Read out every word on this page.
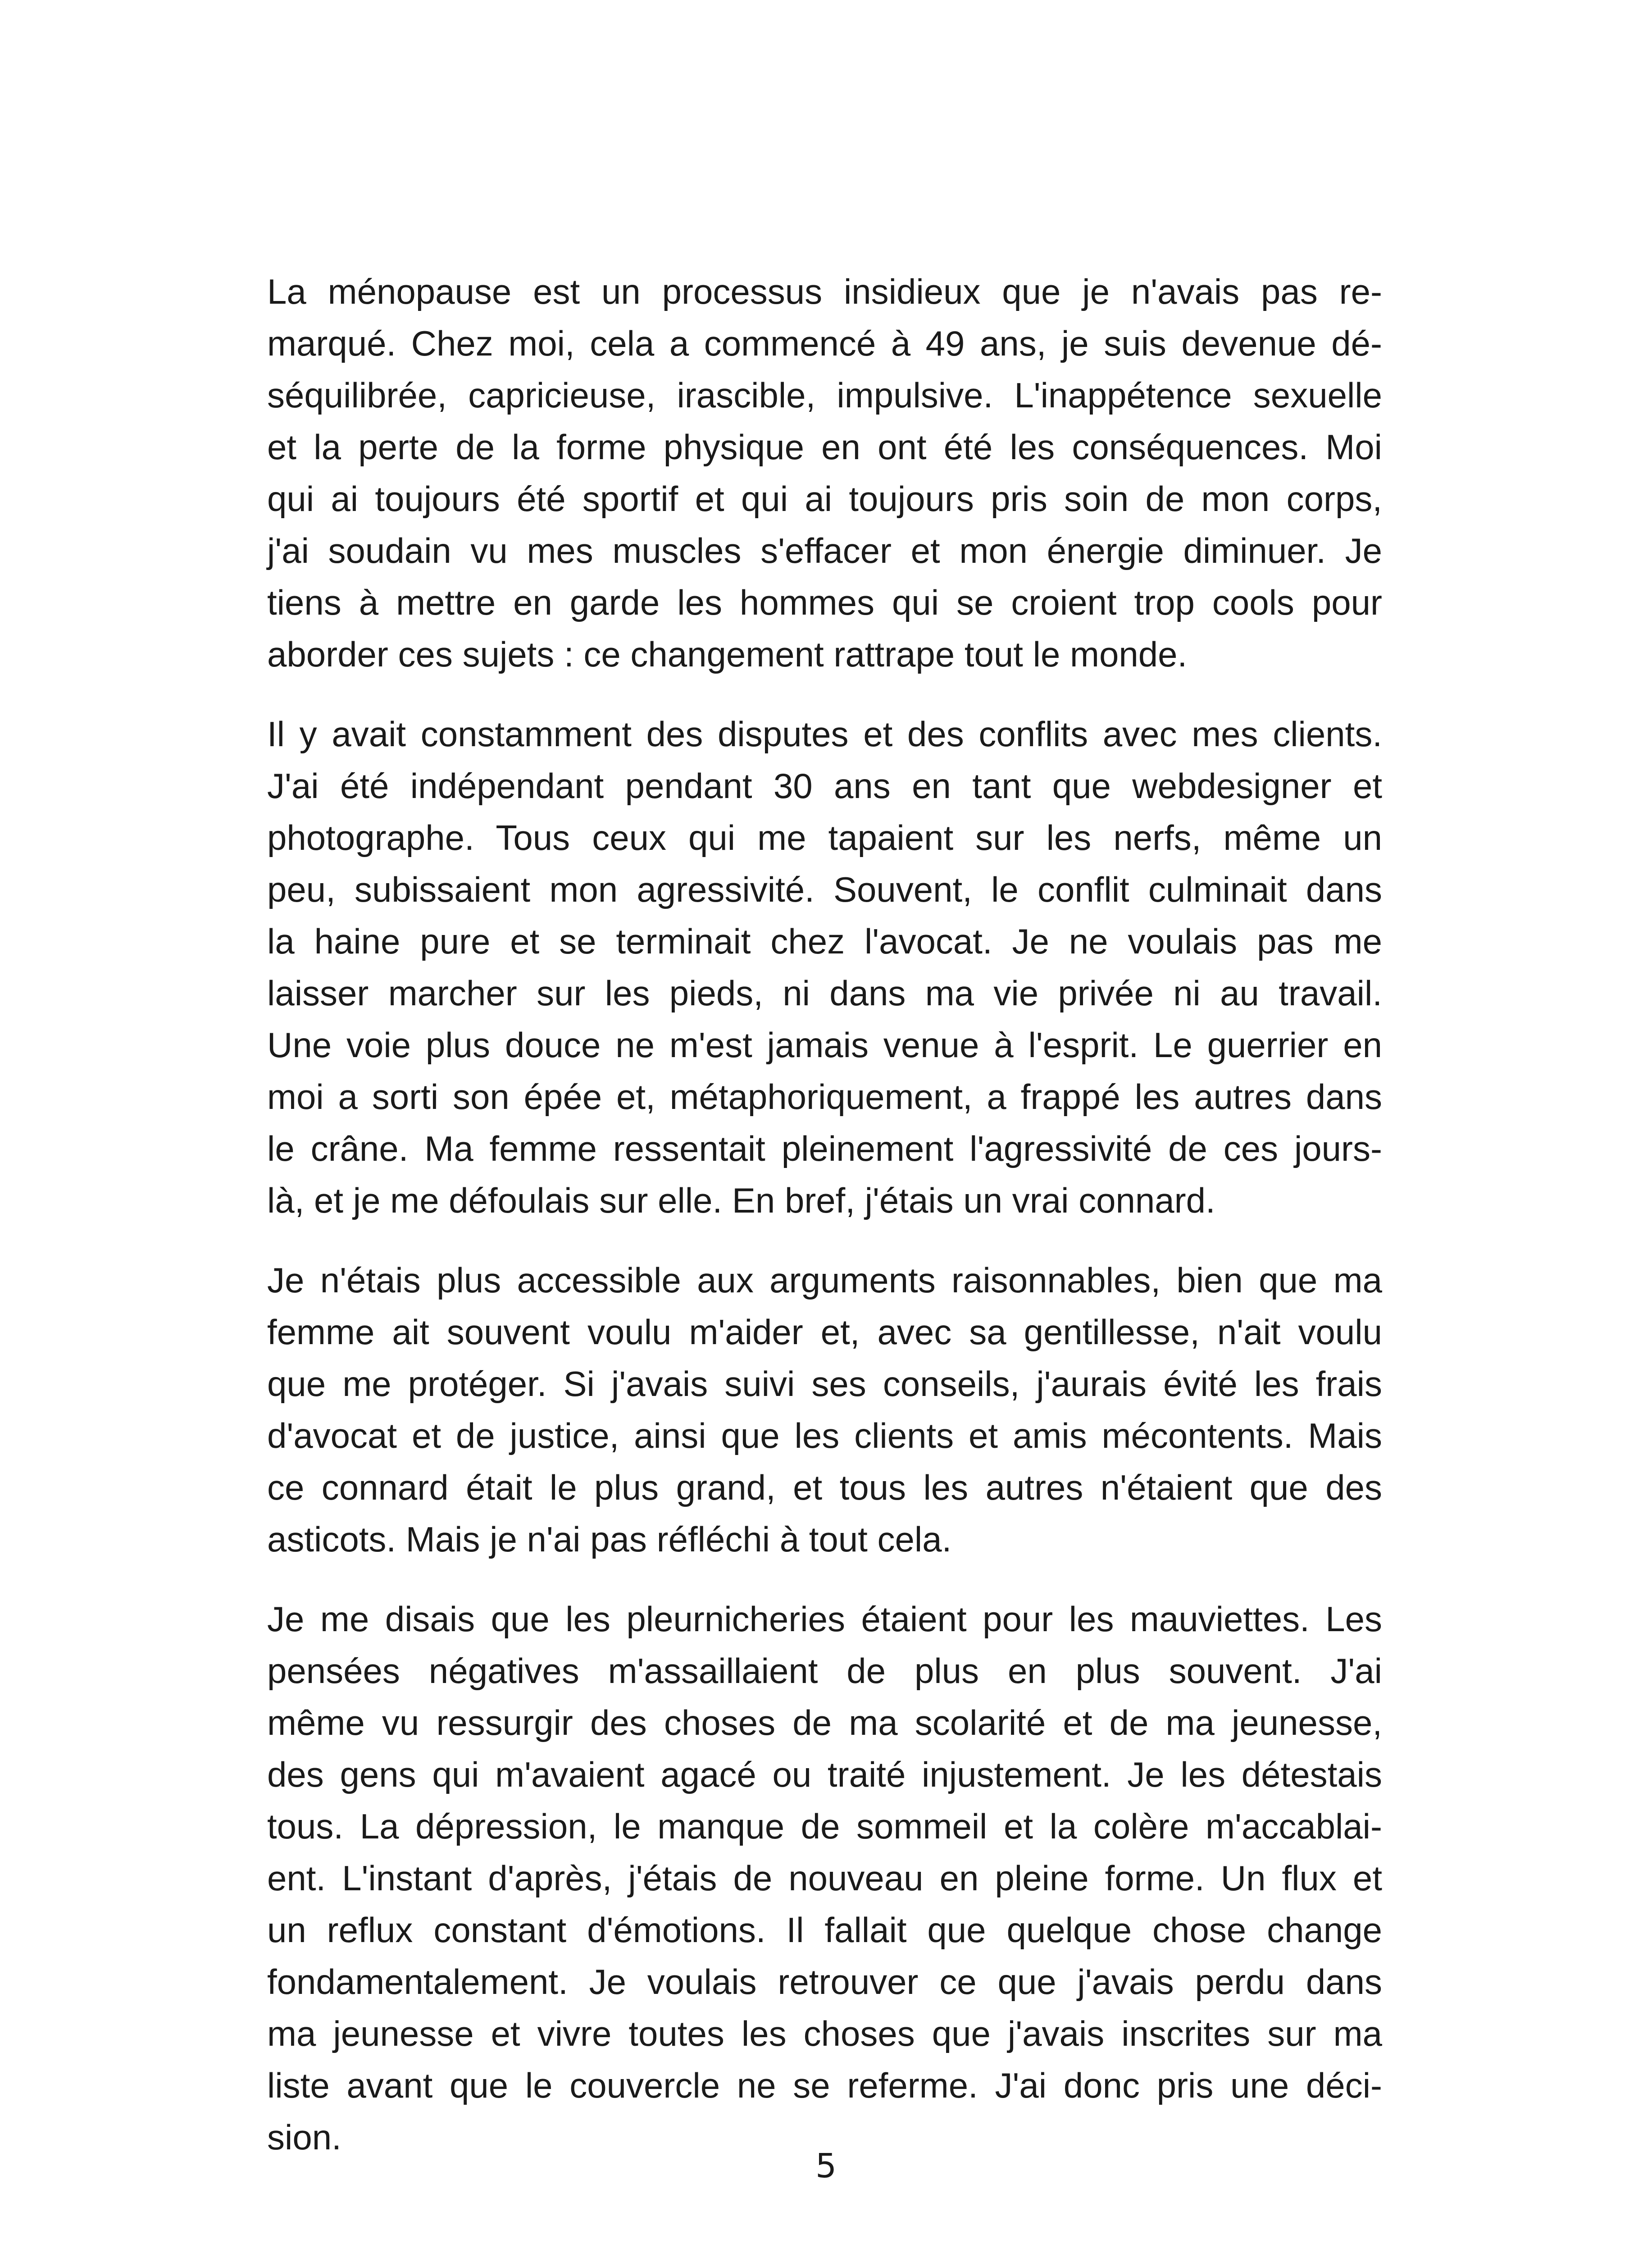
La ménopause est un processus insidieux que je n'avais pas re-
marqué. Chez moi, cela a commencé à 49 ans, je suis devenue dé-
séquilibrée, capricieuse, irascible, impulsive. L'inappétence sexuelle
et la perte de la forme physique en ont été les conséquences. Moi
qui ai toujours été sportif et qui ai toujours pris soin de mon corps,
j'ai soudain vu mes muscles s'effacer et mon énergie diminuer. Je
tiens à mettre en garde les hommes qui se croient trop cools pour
aborder ces sujets : ce changement rattrape tout le monde.

Il y avait constamment des disputes et des conflits avec mes clients.
J'ai été indépendant pendant 30 ans en tant que webdesigner et
photographe. Tous ceux qui me tapaient sur les nerfs, même un
peu, subissaient mon agressivité. Souvent, le conflit culminait dans
la haine pure et se terminait chez l'avocat. Je ne voulais pas me
laisser marcher sur les pieds, ni dans ma vie privée ni au travail.
Une voie plus douce ne m'est jamais venue à l'esprit. Le guerrier en
moi a sorti son épée et, métaphoriquement, a frappé les autres dans
le crâne. Ma femme ressentait pleinement l'agressivité de ces jours-
là, et je me défoulais sur elle. En bref, j'étais un vrai connard.

Je n'étais plus accessible aux arguments raisonnables, bien que ma
femme ait souvent voulu m'aider et, avec sa gentillesse, n'ait voulu
que me protéger. Si j'avais suivi ses conseils, j'aurais évité les frais
d'avocat et de justice, ainsi que les clients et amis mécontents. Mais
ce connard était le plus grand, et tous les autres n'étaient que des
asticots. Mais je n'ai pas réfléchi à tout cela.

Je me disais que les pleurnicheries étaient pour les mauviettes. Les
pensées négatives m'assaillaient de plus en plus souvent. J'ai
même vu ressurgir des choses de ma scolarité et de ma jeunesse,
des gens qui m'avaient agacé ou traité injustement. Je les détestais
tous. La dépression, le manque de sommeil et la colère m'accablai-
ent. L'instant d'après, j'étais de nouveau en pleine forme. Un flux et
un reflux constant d'émotions. Il fallait que quelque chose change
fondamentalement. Je voulais retrouver ce que j'avais perdu dans
ma jeunesse et vivre toutes les choses que j'avais inscrites sur ma
liste avant que le couvercle ne se referme. J'ai donc pris une déci-
sion.

5
